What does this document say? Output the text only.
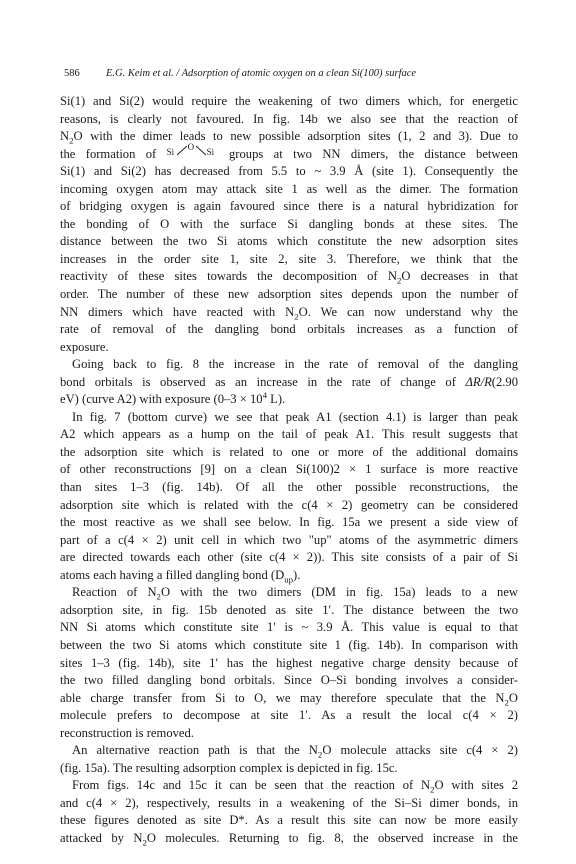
586	E.G. Keim et al. / Adsorption of atomic oxygen on a clean Si(100) surface
Si(1) and Si(2) would require the weakening of two dimers which, for energetic
reasons, is clearly not favoured. In fig. 14b we also see that the reaction of
$N_2O$ with the dimer leads to new possible adsorption sites (1, 2 and 3). Due to
the formation of Si
O
Si groups at two NN dimers, the distance between
Si(1) and Si(2) has decreased from 5.5 to ~ 3.9 Å (site 1). Consequently the
incoming oxygen atom may attack site 1 as well as the dimer. The formation
of bridging oxygen is again favoured since there is a natural hybridization for
the bonding of O with the surface Si dangling bonds at these sites. The
distance between the two Si atoms which constitute the new adsorption sites
increases in the order site 1, site 2, site 3. Therefore, we think that the
reactivity of these sites towards the decomposition of $N_2O$ decreases in that
order. The number of these new adsorption sites depends upon the number of
NN dimers which have reacted with $N_2O$. We can now understand why the
rate of removal of the dangling bond orbitals increases as a function of
exposure.
Going back to fig. 8 the increase in the rate of removal of the dangling
bond orbitals is observed as an increase in the rate of change of ΔR/R(2.90
eV) (curve A2) with exposure ($0-3 \times 10^4$ L).
In fig. 7 (bottom curve) we see that peak A1 (section 4.1) is larger than peak
A2 which appears as a hump on the tail of peak A1. This result suggests that
the adsorption site which is related to one or more of the additional domains
of other reconstructions [9] on a clean Si(100)2 × 1 surface is more reactive
than sites 1–3 (fig. 14b). Of all the other possible reconstructions, the
adsorption site which is related with the c(4 × 2) geometry can be considered
the most reactive as we shall see below. In fig. 15a we present a side view of
part of a c(4 × 2) unit cell in which two "up" atoms of the asymmetric dimers
are directed towards each other (site c(4 × 2)). This site consists of a pair of Si
atoms each having a filled dangling bond $(D_{up})$.
Reaction of $N_2O$ with the two dimers (DM in fig. 15a) leads to a new
adsorption site, in fig. 15b denoted as site 1′. The distance between the two
NN Si atoms which constitute site 1′ is ~ 3.9 Å. This value is equal to that
between the two Si atoms which constitute site 1 (fig. 14b). In comparison with
sites 1–3 (fig. 14b), site 1′ has the highest negative charge density because of
the two filled dangling bond orbitals. Since O–Si bonding involves a consider-
able charge transfer from Si to O, we may therefore speculate that the $N_2O$
molecule prefers to decompose at site 1′. As a result the local c(4 × 2)
reconstruction is removed.
An alternative reaction path is that the $N_2O$ molecule attacks site c(4 × 2)
(fig. 15a). The resulting adsorption complex is depicted in fig. 15c.
From figs. 14c and 15c it can be seen that the reaction of $N_2O$ with sites 2
and c(4 × 2), respectively, results in a weakening of the Si–Si dimer bonds, in
these figures denoted as site D*. As a result this site can now be more easily
attacked by $N_2O$ molecules. Returning to fig. 8, the observed increase in the
